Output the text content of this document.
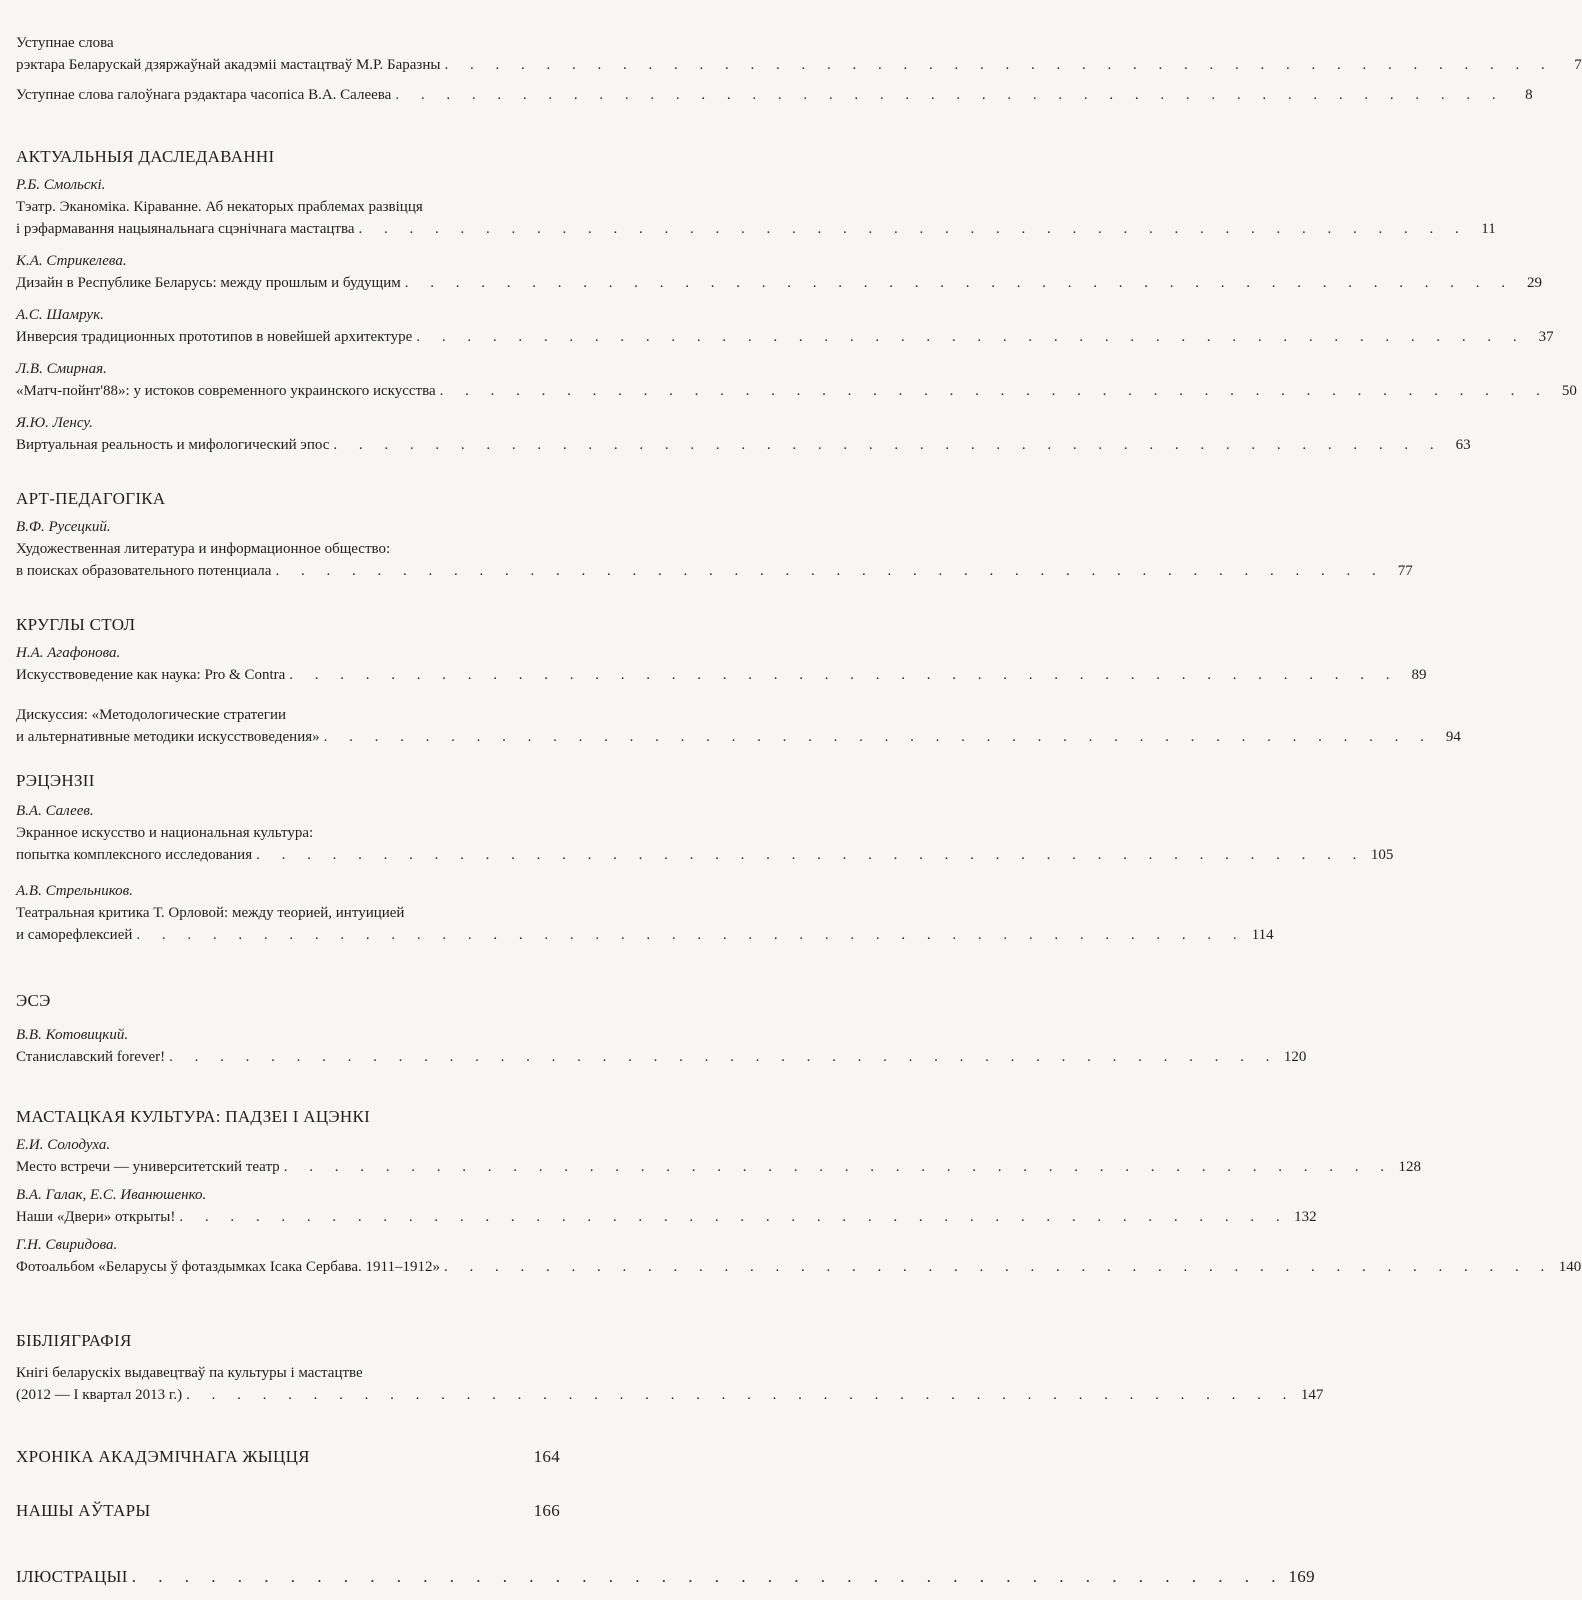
Уступнае слова
рэктара Беларускай дзяржаўнай акадэміі мастацтваў М.Р. Баразны . . . . . . . . . . . . . . . . . . . . . . . . . . . . . . . . . . . . . . . . . . . .	7
Уступнае слова галоўнага рэдактара часопіса В.А. Салеева . . . . . . . . . . . . . . . . . . . . . . . . . . . . . . . . . . . . . . . . . . . .	8
АКТУАЛЬНЫЯ ДАСЛЕДАВАННІ
Р.Б. Смольскі.
Тэатр. Эканоміка. Кіраванне. Аб некаторых праблемах развіцця
і рэфармавання нацыянальнага сцэнічнага мастацтва . . . . . . . . . . . . . . . . . . . . . . . . . . . . . . . . . . . . . . . . . . . . 11
К.А. Стрикелева.
Дизайн в Республике Беларусь: между прошлым и будущим . . . . . . . . . . . . . . . . . . . . . . . . . . . . . . . . . . . . . . . . . . . . 29
А.С. Шамрук.
Инверсия традиционных прототипов в новейшей архитектуре . . . . . . . . . . . . . . . . . . . . . . . . . . . . . . . . . . . . . . . . . . . . 37
Л.В. Смирная.
«Матч-пойнт'88»: у истоков современного украинского искусства . . . . . . . . . . . . . . . . . . . . . . . . . . . . . . . . . . . . . . . . . . . . 50
Я.Ю. Ленсу.
Виртуальная реальность и мифологический эпос . . . . . . . . . . . . . . . . . . . . . . . . . . . . . . . . . . . . . . . . . . . . 63
АРТ-ПЕДАГОГІКА
В.Ф. Русецкий.
Художественная литература и информационное общество:
в поисках образовательного потенциала . . . . . . . . . . . . . . . . . . . . . . . . . . . . . . . . . . . . . . . . . . . . 77
КРУГЛЫ СТОЛ
Н.А. Агафонова.
Искусствоведение как наука: Pro & Contra . . . . . . . . . . . . . . . . . . . . . . . . . . . . . . . . . . . . . . . . . . . . 89
Дискуссия: «Методологические стратегии
и альтернативные методики искусствоведения» . . . . . . . . . . . . . . . . . . . . . . . . . . . . . . . . . . . . . . . . . . . . 94
РЭЦЭНЗІІ
В.А. Салеев.
Экранное искусство и национальная культура:
попытка комплексного исследования . . . . . . . . . . . . . . . . . . . . . . . . . . . . . . . . . . . . . . . . . . . . 105
А.В. Стрельников.
Театральная критика Т. Орловой: между теорией, интуицией
и саморефлексией . . . . . . . . . . . . . . . . . . . . . . . . . . . . . . . . . . . . . . . . . . . . 114
ЭСЭ
В.В. Котовицкий.
Станиславский forever! . . . . . . . . . . . . . . . . . . . . . . . . . . . . . . . . . . . . . . . . . . . . 120
МАСТАЦКАЯ КУЛЬТУРА: ПАДЗЕІ І АЦЭНКІ
Е.И. Солодуха.
Место встречи — университетский театр . . . . . . . . . . . . . . . . . . . . . . . . . . . . . . . . . . . . . . . . . . . . 128
В.А. Галак, Е.С. Иванюшенко.
Наши «Двери» открыты! . . . . . . . . . . . . . . . . . . . . . . . . . . . . . . . . . . . . . . . . . . . . 132
Г.Н. Свиридова.
Фотоальбом «Беларусы ў фотаздымках Ісака Сербава. 1911–1912» . . . . . . . . . . . . . . . . . . . . . . . . . . . . . . . . . . . . . . . . . . . . 140
БІБЛІЯГРАФІЯ
Кнігі беларускіх выдавецтваў па культуры і мастацтве
(2012 — I квартал 2013 г.) . . . . . . . . . . . . . . . . . . . . . . . . . . . . . . . . . . . . . . . . . . . . 147
ХРОНІКА АКАДЭМІЧНАГА ЖЫЦЦЯ	164
НАШЫ АЎТАРЫ	166
ІЛЮСТРАЦЫІ . . . . . . . . . . . . . . . . . . . . . . . . . . . . . . . . . . . . . . . . . . . . 169
